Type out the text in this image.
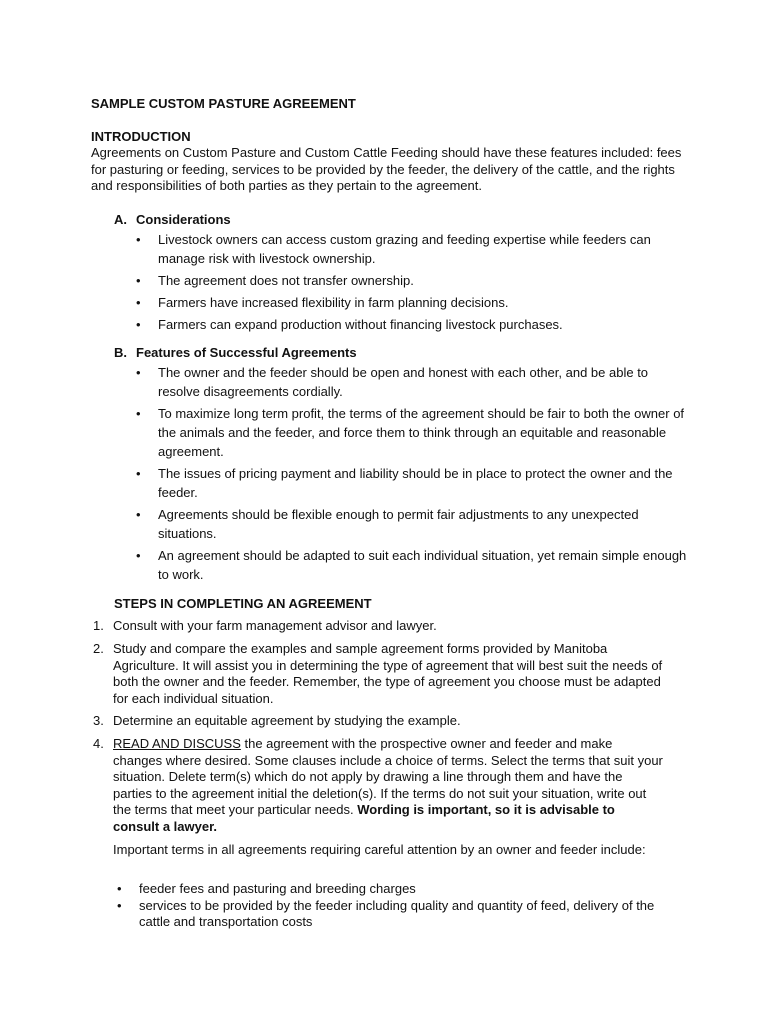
SAMPLE CUSTOM PASTURE AGREEMENT
INTRODUCTION
Agreements on Custom Pasture and Custom Cattle Feeding should have these features included: fees for pasturing or feeding, services to be provided by the feeder, the delivery of the cattle, and the rights and responsibilities of both parties as they pertain to the agreement.
A. Considerations
• Livestock owners can access custom grazing and feeding expertise while feeders can manage risk with livestock ownership.
• The agreement does not transfer ownership.
• Farmers have increased flexibility in farm planning decisions.
• Farmers can expand production without financing livestock purchases.
B. Features of Successful Agreements
• The owner and the feeder should be open and honest with each other, and be able to resolve disagreements cordially.
• To maximize long term profit, the terms of the agreement should be fair to both the owner of the animals and the feeder, and force them to think through an equitable and reasonable agreement.
• The issues of pricing payment and liability should be in place to protect the owner and the feeder.
• Agreements should be flexible enough to permit fair adjustments to any unexpected situations.
• An agreement should be adapted to suit each individual situation, yet remain simple enough to work.
STEPS IN COMPLETING AN AGREEMENT
1. Consult with your farm management advisor and lawyer.
2. Study and compare the examples and sample agreement forms provided by Manitoba Agriculture. It will assist you in determining the type of agreement that will best suit the needs of both the owner and the feeder. Remember, the type of agreement you choose must be adapted for each individual situation.
3. Determine an equitable agreement by studying the example.
4. READ AND DISCUSS the agreement with the prospective owner and feeder and make changes where desired. Some clauses include a choice of terms. Select the terms that suit your situation. Delete term(s) which do not apply by drawing a line through them and have the parties to the agreement initial the deletion(s). If the terms do not suit your situation, write out the terms that meet your particular needs. Wording is important, so it is advisable to consult a lawyer.
Important terms in all agreements requiring careful attention by an owner and feeder include:
• feeder fees and pasturing and breeding charges
• services to be provided by the feeder including quality and quantity of feed, delivery of the cattle and transportation costs
